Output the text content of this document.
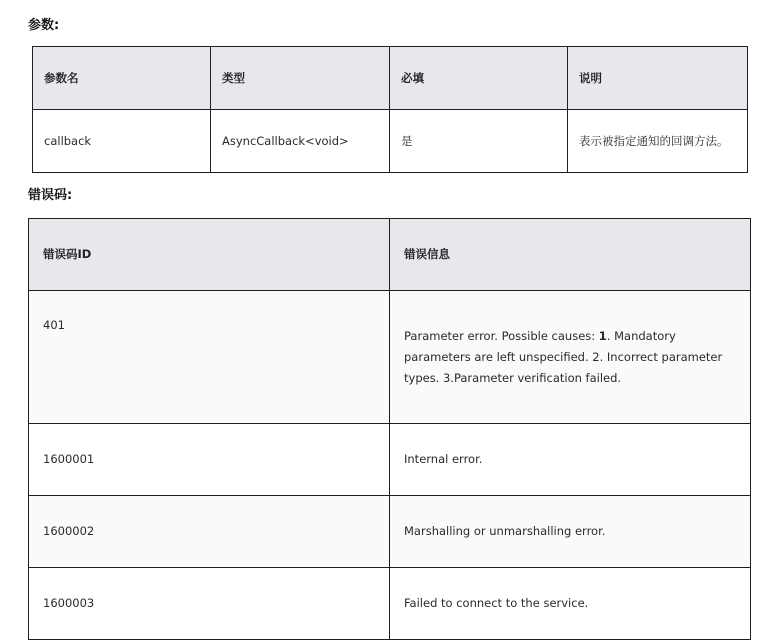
参数:
参数名	类型	必填	说明
callback	AsyncCallback<void>	是	表示被指定通知的回调方法。
错误码:
错误码ID	错误信息
401	Parameter error. Possible causes: 1. Mandatory parameters are left unspecified. 2. Incorrect parameter types. 3.Parameter verification failed.

1600001	Internal error.
1600002	Marshalling or unmarshalling error.
1600003	Failed to connect to the service.
